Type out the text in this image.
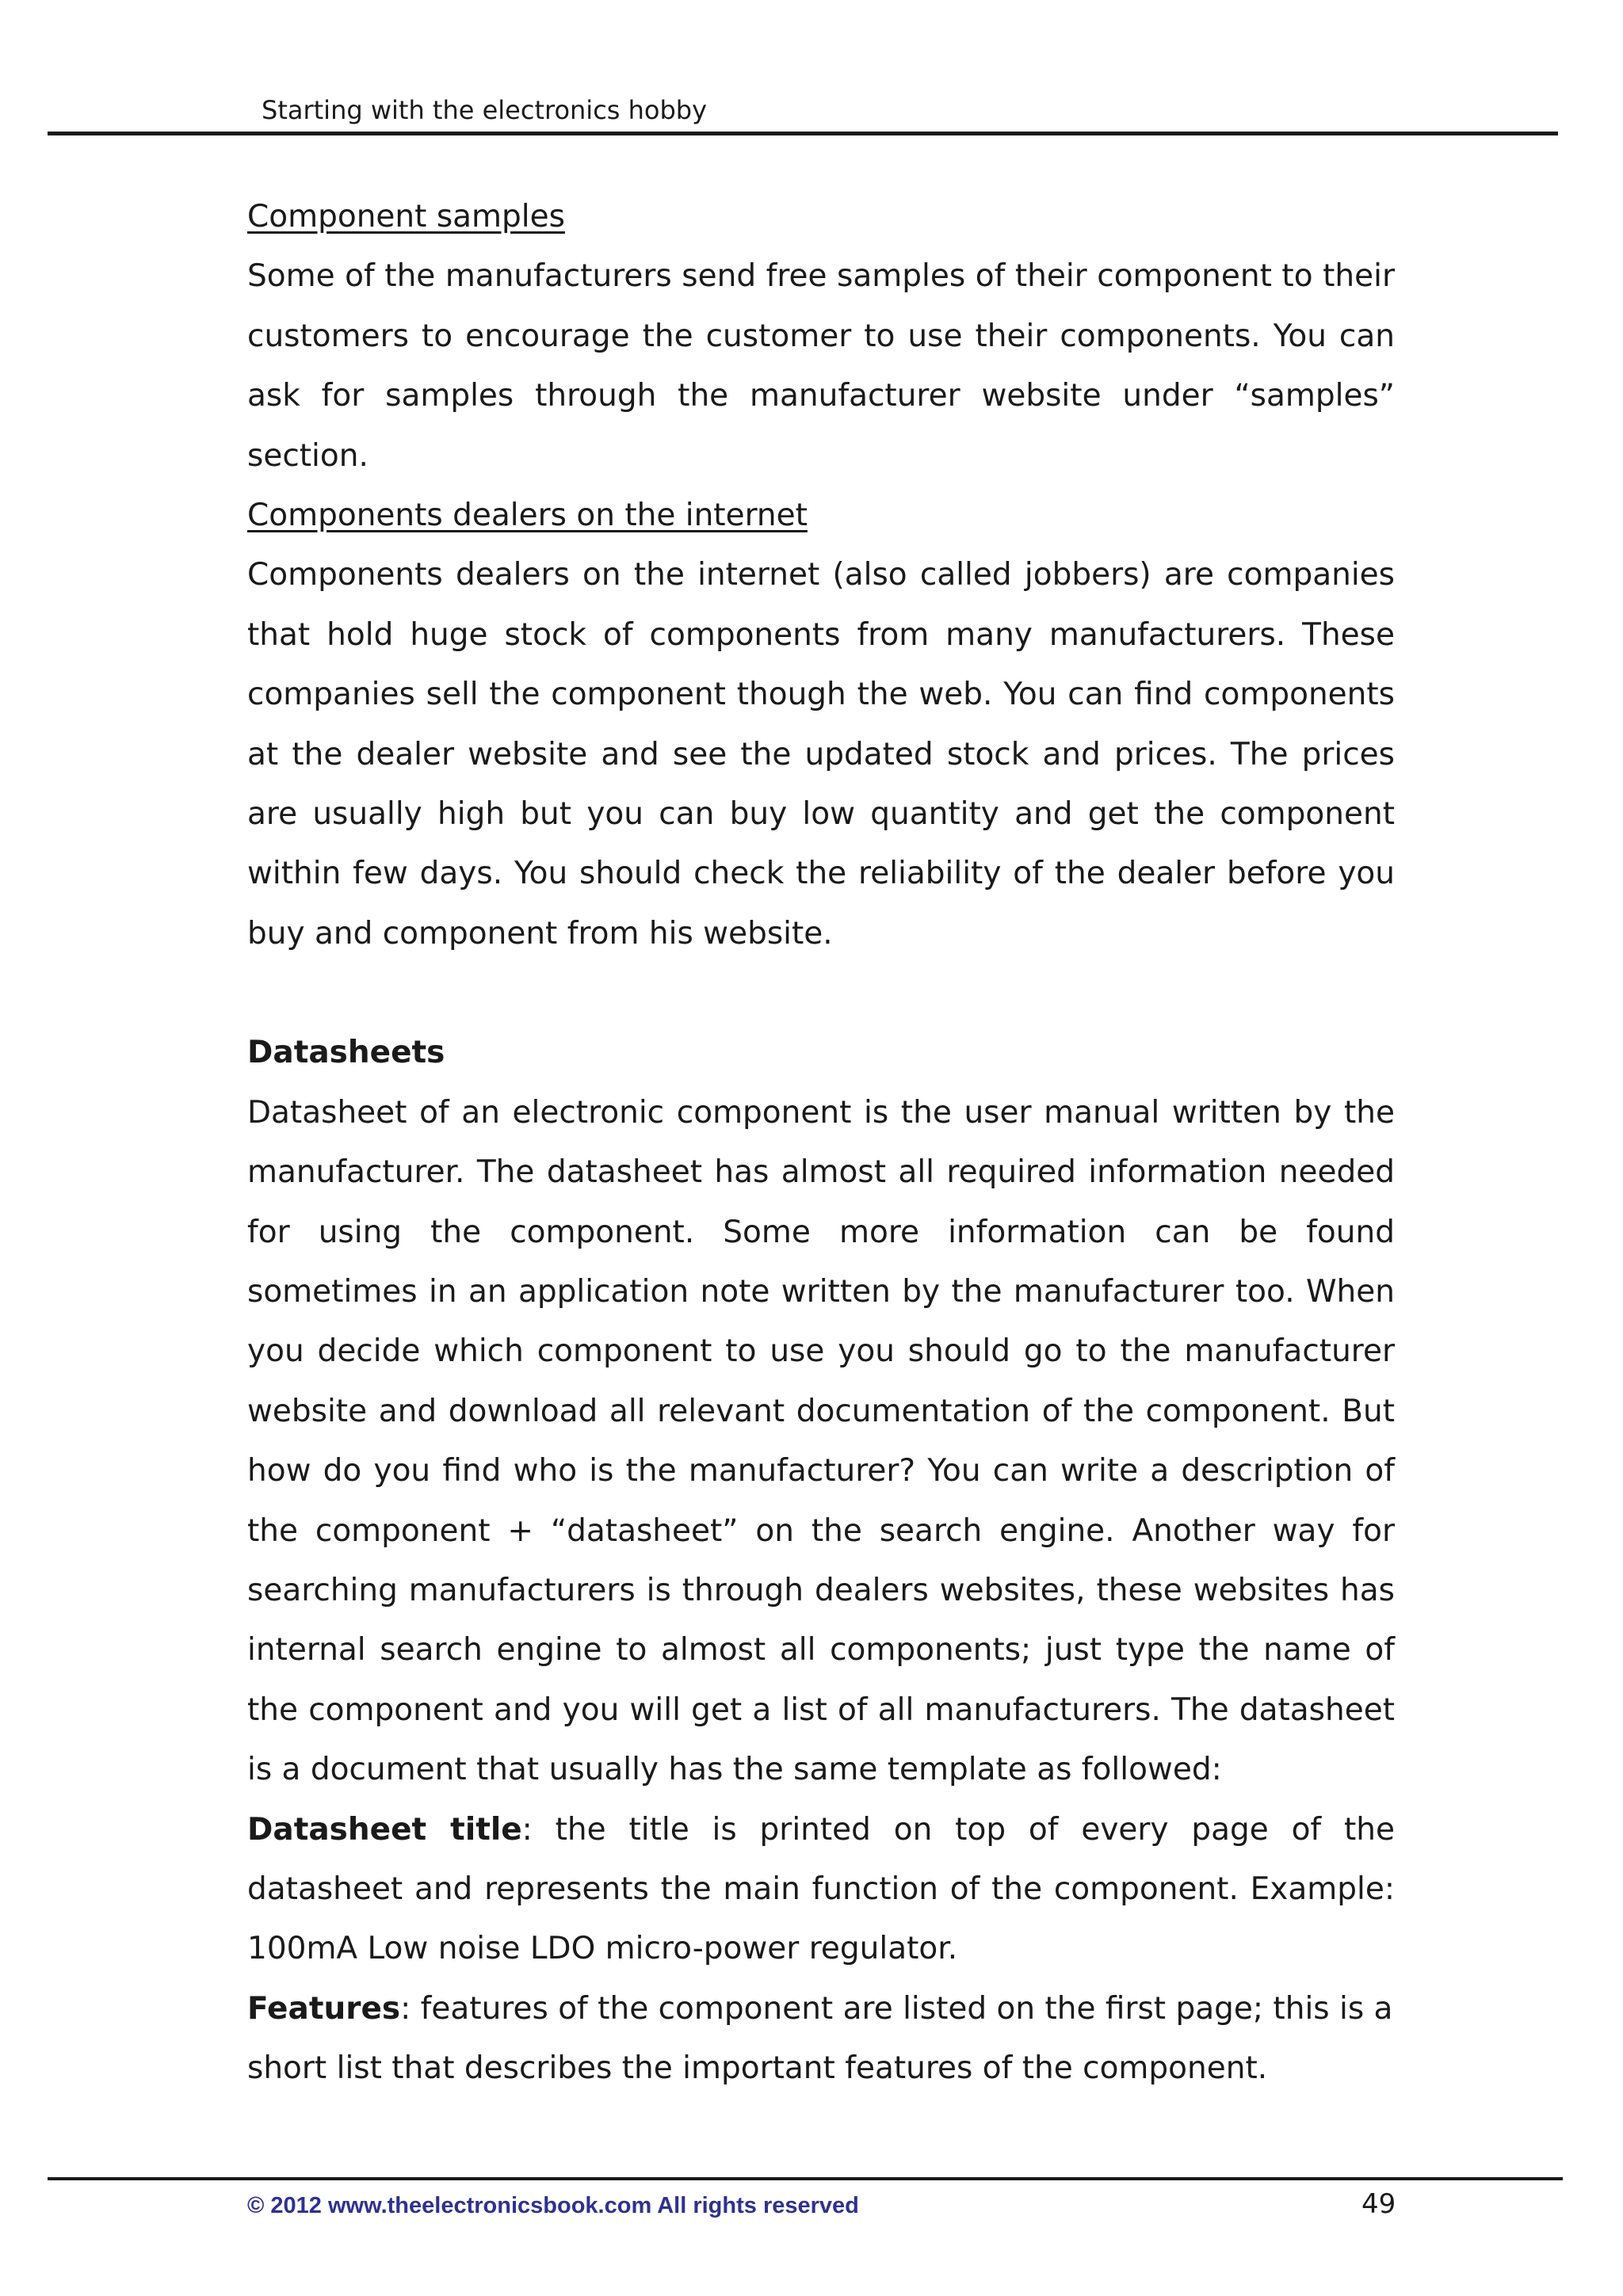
Starting with the electronics hobby

Component samples

Some of the manufacturers send free samples of their component to their customers to encourage the customer to use their components. You can ask for samples through the manufacturer website under “samples” section.

Components dealers on the internet

Components dealers on the internet (also called jobbers) are companies that hold huge stock of components from many manufacturers. These companies sell the component though the web. You can find components at the dealer website and see the updated stock and prices. The prices are usually high but you can buy low quantity and get the component within few days. You should check the reliability of the dealer before you buy and component from his website.

Datasheets

Datasheet of an electronic component is the user manual written by the manufacturer. The datasheet has almost all required information needed for using the component. Some more information can be found sometimes in an application note written by the manufacturer too. When you decide which component to use you should go to the manufacturer website and download all relevant documentation of the component. But how do you find who is the manufacturer? You can write a description of the component + “datasheet” on the search engine. Another way for searching manufacturers is through dealers websites, these websites has internal search engine to almost all components; just type the name of the component and you will get a list of all manufacturers. The datasheet is a document that usually has the same template as followed:

Datasheet title: the title is printed on top of every page of the datasheet and represents the main function of the component. Example: 100mA Low noise LDO micro-power regulator.

Features: features of the component are listed on the first page; this is a short list that describes the important features of the component.

© 2012 www.theelectronicsbook.com All rights reserved	49
